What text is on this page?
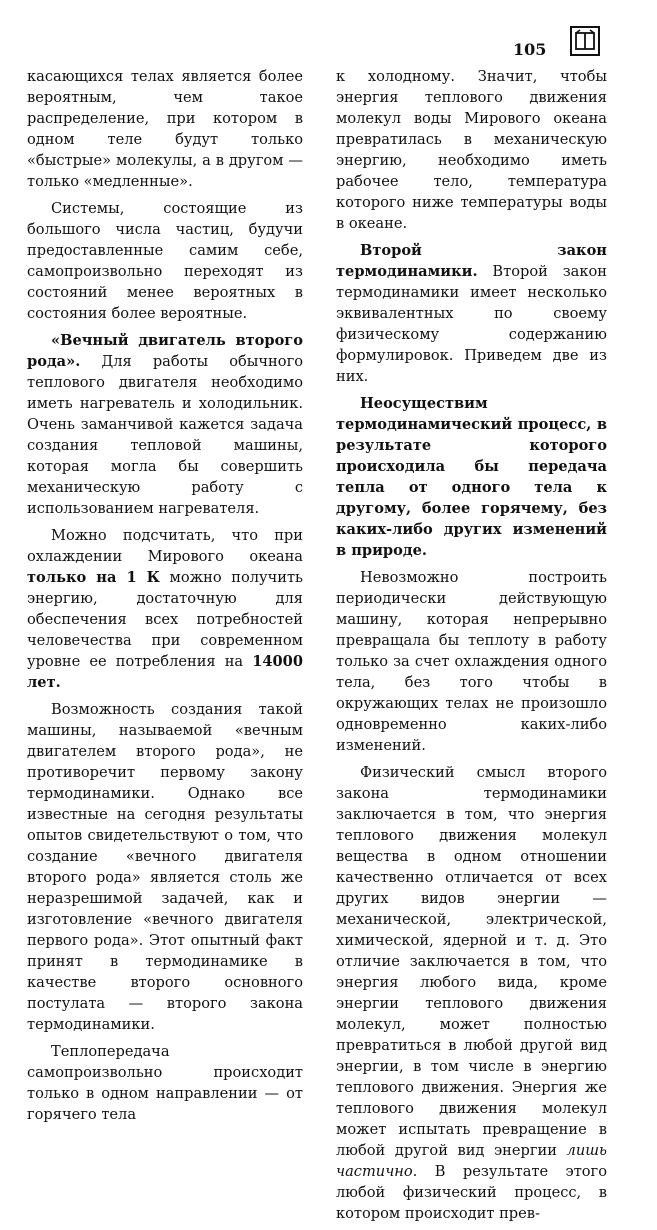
105

касающихся телах является более вероятным, чем такое распределение, при котором в одном теле будут только «быстрые» молекулы, а в другом — только «медленные».

Системы, состоящие из большого числа частиц, будучи предоставленные самим себе, самопроизвольно переходят из состояний менее вероятных в состояния более вероятные.

«Вечный двигатель второго рода». Для работы обычного теплового двигателя необходимо иметь нагреватель и холодильник. Очень заманчивой кажется задача создания тепловой машины, которая могла бы совершить механическую работу с использованием нагревателя.

Можно подсчитать, что при охлаждении Мирового океана только на 1 К можно получить энергию, достаточную для обеспечения всех потребностей человечества при современном уровне ее потребления на 14000 лет.

Возможность создания такой машины, называемой «вечным двигателем второго рода», не противоречит первому закону термодинамики. Однако все известные на сегодня результаты опытов свидетельствуют о том, что создание «вечного двигателя второго рода» является столь же неразрешимой задачей, как и изготовление «вечного двигателя первого рода». Этот опытный факт принят в термодинамике в качестве второго основного постулата — второго закона термодинамики.

Теплопередача самопроизвольно происходит только в одном направлении — от горячего тела

к холодному. Значит, чтобы энергия теплового движения молекул воды Мирового океана превратилась в механическую энергию, необходимо иметь рабочее тело, температура которого ниже температуры воды в океане.

Второй закон термодинамики. Второй закон термодинамики имеет несколько эквивалентных по своему физическому содержанию формулировок. Приведем две из них.

Неосуществим термодинамический процесс, в результате которого происходила бы передача тепла от одного тела к другому, более горячему, без каких-либо других изменений в природе.

Невозможно построить периодически действующую машину, которая непрерывно превращала бы теплоту в работу только за счет охлаждения одного тела, без того чтобы в окружающих телах не произошло одновременно каких-либо изменений.

Физический смысл второго закона термодинамики заключается в том, что энергия теплового движения молекул вещества в одном отношении качественно отличается от всех других видов энергии — механической, электрической, химической, ядерной и т. д. Это отличие заключается в том, что энергия любого вида, кроме энергии теплового движения молекул, может полностью превратиться в любой другой вид энергии, в том числе в энергию теплового движения. Энергия же теплового движения молекул может испытать превращение в любой другой вид энергии лишь частично. В результате этого любой физический процесс, в котором происходит прев-
